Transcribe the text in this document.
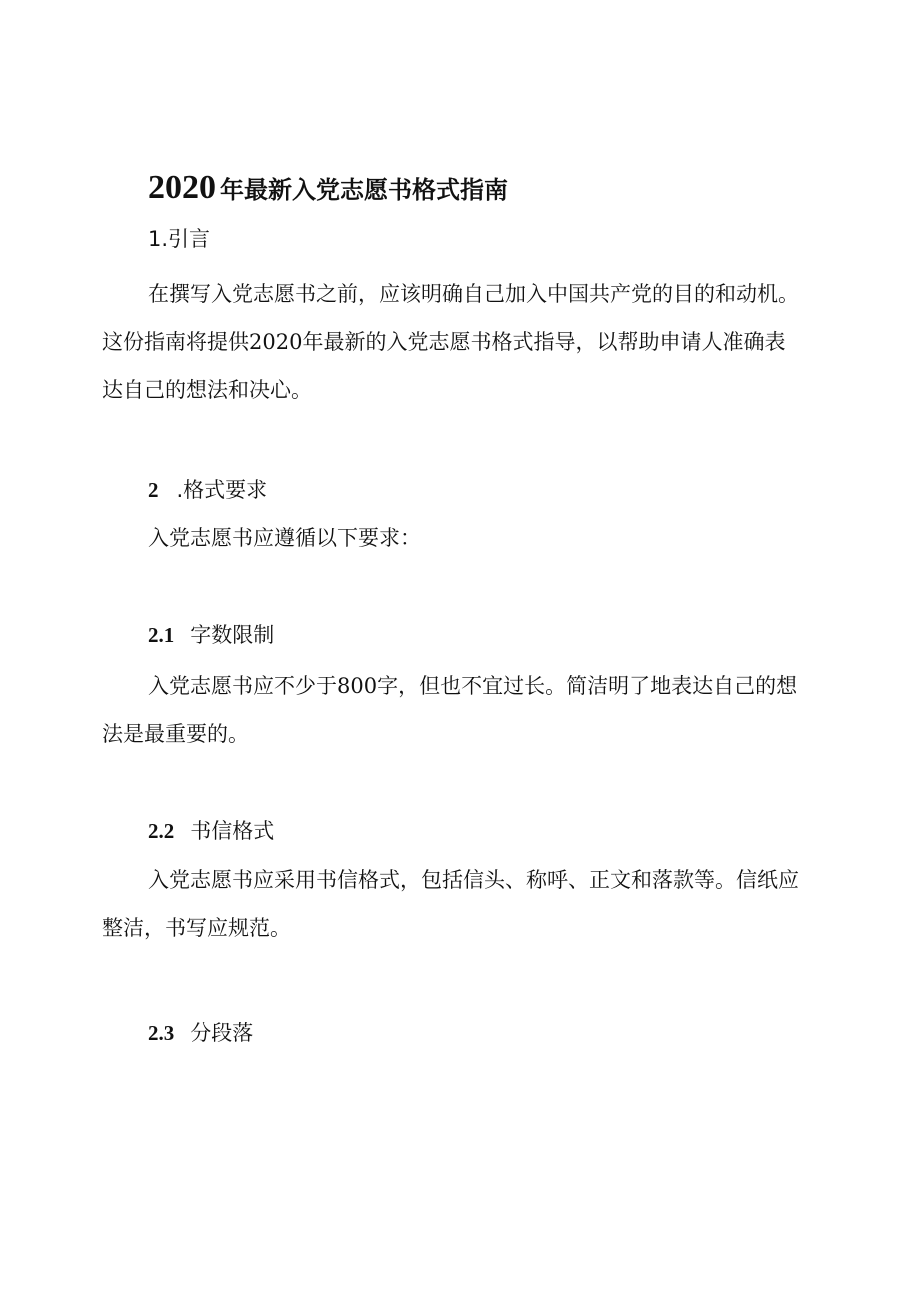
2020 年最新入党志愿书格式指南
1.引言
在撰写入党志愿书之前，应该明确自己加入中国共产党的目的和动机。这份指南将提供2020年最新的入党志愿书格式指导，以帮助申请人准确表达自己的想法和决心。
2 .格式要求
入党志愿书应遵循以下要求：
2.1 字数限制
入党志愿书应不少于800字，但也不宜过长。简洁明了地表达自己的想法是最重要的。
2.2 书信格式
入党志愿书应采用书信格式，包括信头、称呼、正文和落款等。信纸应整洁，书写应规范。
2.3 分段落
